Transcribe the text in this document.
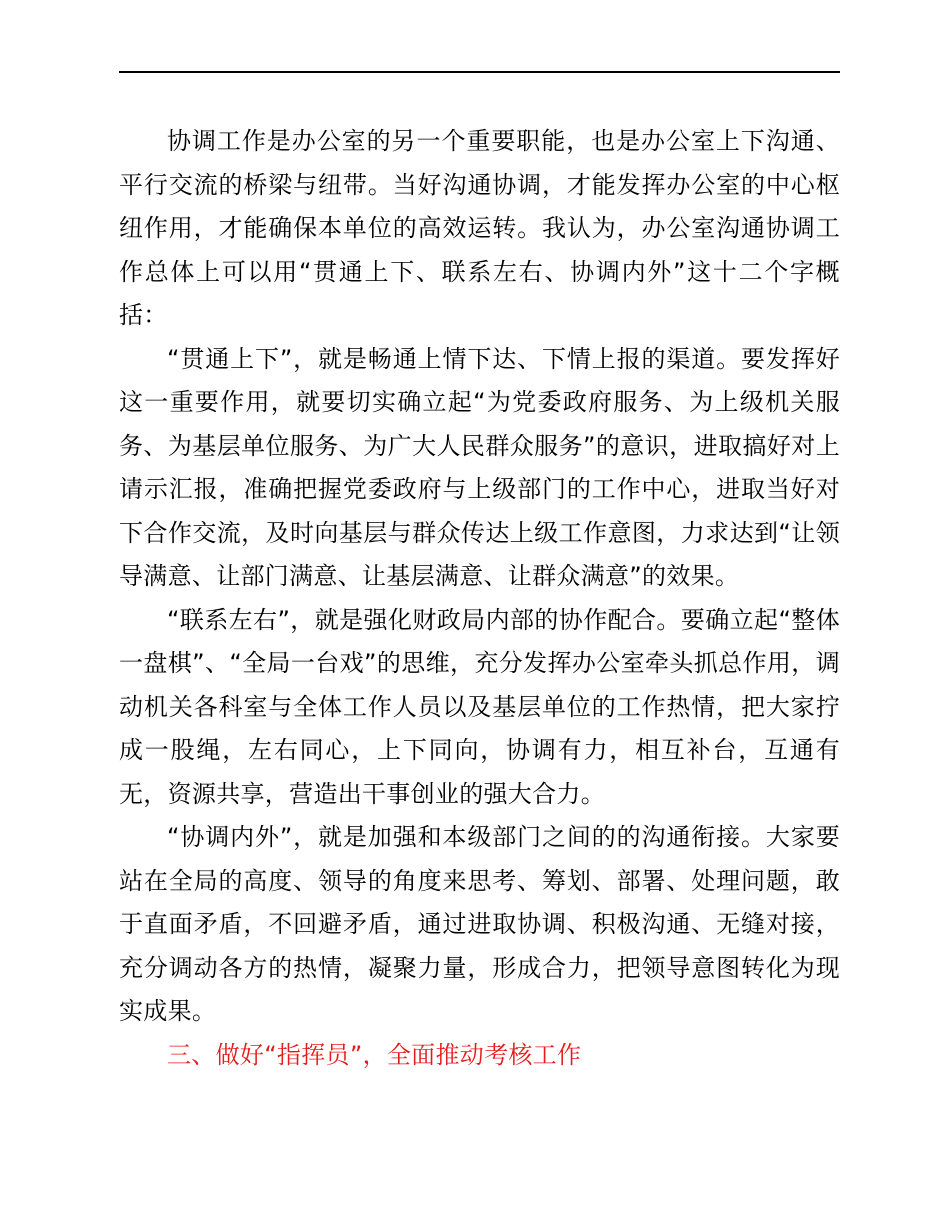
协调工作是办公室的另一个重要职能，也是办公室上下沟通、平行交流的桥梁与纽带。当好沟通协调，才能发挥办公室的中心枢纽作用，才能确保本单位的高效运转。我认为，办公室沟通协调工作总体上可以用“贯通上下、联系左右、协调内外”这十二个字概括：

“贯通上下”，就是畅通上情下达、下情上报的渠道。要发挥好这一重要作用，就要切实确立起“为党委政府服务、为上级机关服务、为基层单位服务、为广大人民群众服务”的意识，进取搞好对上请示汇报，准确把握党委政府与上级部门的工作中心，进取当好对下合作交流，及时向基层与群众传达上级工作意图，力求达到“让领导满意、让部门满意、让基层满意、让群众满意”的效果。

“联系左右”，就是强化财政局内部的协作配合。要确立起“整体一盘棋”、“全局一台戏”的思维，充分发挥办公室牵头抓总作用，调动机关各科室与全体工作人员以及基层单位的工作热情，把大家拧成一股绳，左右同心，上下同向，协调有力，相互补台，互通有无，资源共享，营造出干事创业的强大合力。

“协调内外”，就是加强和本级部门之间的的沟通衔接。大家要站在全局的高度、领导的角度来思考、筹划、部署、处理问题，敢于直面矛盾，不回避矛盾，通过进取协调、积极沟通、无缝对接，充分调动各方的热情，凝聚力量，形成合力，把领导意图转化为现实成果。

三、做好“指挥员”，全面推动考核工作
